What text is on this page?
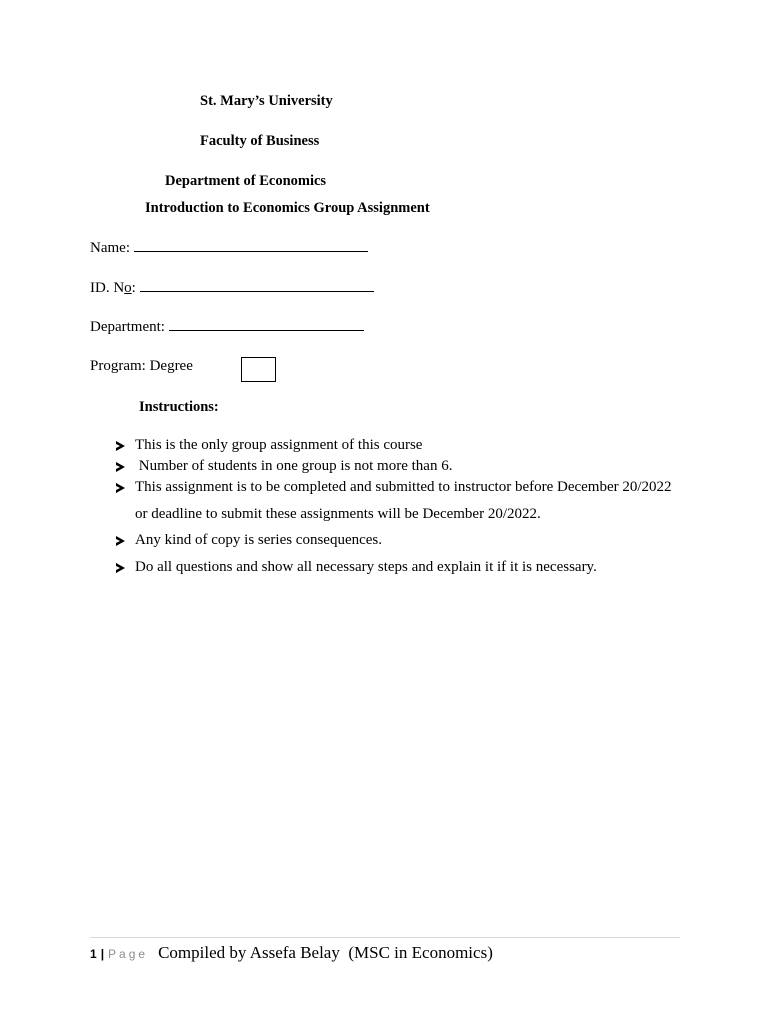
St. Mary’s University
Faculty of Business
Department of Economics
Introduction to Economics Group Assignment
Name:
ID. No:
Department:
Program: Degree
Instructions:
This is the only group assignment of this course
Number of students in one group is not more than 6.
This assignment is to be completed and submitted to instructor before December 20/2022
or deadline to submit these assignments will be December 20/2022.
Any kind of copy is series consequences.
Do all questions and show all necessary steps and explain it if it is necessary.
1 | Page Compiled by Assefa Belay  (MSC in Economics)
